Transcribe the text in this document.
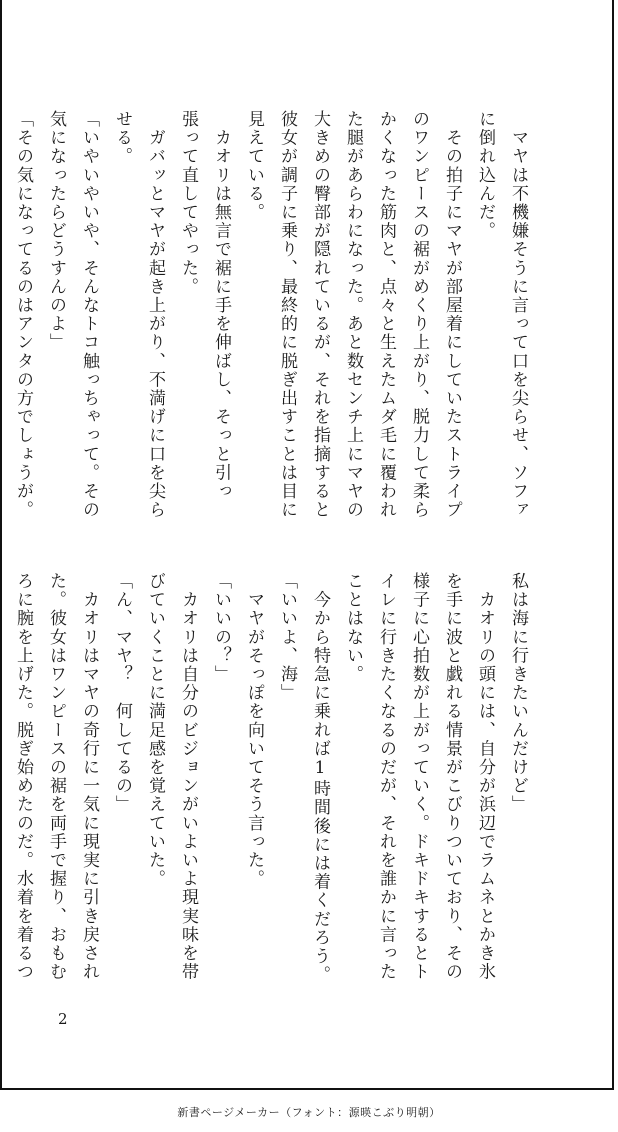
　マヤは不機嫌そうに言って口を尖らせ、ソファ
に倒れ込んだ。
　その拍子にマヤが部屋着にしていたストライプ
のワンピースの裾がめくり上がり、脱力して柔ら
かくなった筋肉と、点々と生えたムダ毛に覆われ
た腿があらわになった。あと数センチ上にマヤの
大きめの臀部が隠れているが、それを指摘すると
彼女が調子に乗り、最終的に脱ぎ出すことは目に
見えている。
　カオリは無言で裾に手を伸ばし、そっと引っ
張って直してやった。
　ガバッとマヤが起き上がり、不満げに口を尖ら
せる。
「いやいやいや、そんなトコ触っちゃって。その
気になったらどうすんのよ」
「その気になってるのはアンタの方でしょうが。
私は海に行きたいんだけど」
　カオリの頭には、自分が浜辺でラムネとかき氷
を手に波と戯れる情景がこびりついており、その
様子に心拍数が上がっていく。ドキドキするとト
イレに行きたくなるのだが、それを誰かに言った
ことはない。
　今から特急に乗れば1時間後には着くだろう。
「いいよ、海」
　マヤがそっぽを向いてそう言った。
「いいの？」
　カオリは自分のビジョンがいよいよ現実味を帯
びていくことに満足感を覚えていた。
「ん、マヤ？　何してるの」
　カオリはマヤの奇行に一気に現実に引き戻され
た。彼女はワンピースの裾を両手で握り、おもむ
ろに腕を上げた。脱ぎ始めたのだ。水着を着るつ
2
新書ページメーカー（フォント：源暎こぶり明朝）
